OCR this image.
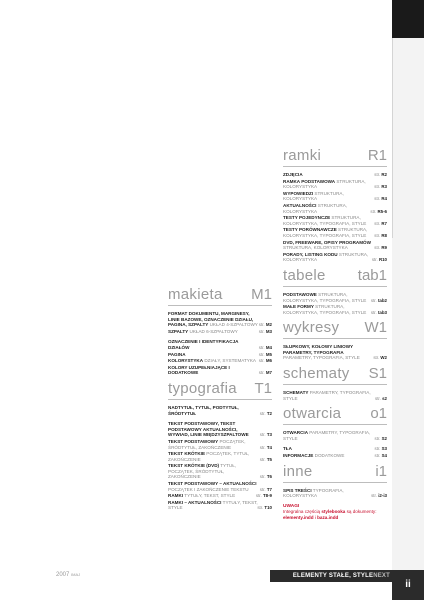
makieta M1
FORMAT DOKUMENTU, MARGINESY, LINIE BAZOWE, OZNACZENIE DZIAŁU, PAGINA, SZPALTY UKŁAD 4-SZPALTOWY str. M2
SZPALTY UKŁAD 6-SZPALTOWY	str. M3
OZNACZENIE I IDENTYFIKACJA DZIAŁÓW	str. M4
PAGINA	str. M5
KOLORYSTYKA DZIAŁY, SYSTEMATYKA str. M6
KOLORY UZUPEŁNIAJĄCE I DODATKOWE	str. M7
typografia T1
NADTYTUŁ, TYTUŁ, PODTYTUŁ, ŚRÓDTYTUŁ	str. T2
TEKST PODSTAWOWY, TEKST PODSTAWOWY AKTUALNOŚCI, WYWIAD, LINIE MIĘDZYSZPALTOWE	str. T3
TEKST PODSTAWOWY POCZĄTEK, ŚRÓDTYTUŁ, ZAKOŃCZENIE	str. T4
TEKST KRÓTKIE POCZĄTEK, TYTUŁ, ZAKOŃCZENIE	str. T5
TEKST KRÓTKIE (DVD) TYTUŁ, POCZĄTEK, ŚRÓDTYTUŁ, ZAKOŃCZENIE	str. T6
TEKST PODSTAWOWY – AKTUALNOŚCI POCZĄTEK I ZAKOŃCZENIE TEKSTU	str. T7
RAMKI TYTUŁY, TEKST, STYLE	str. T8-9
RAMKI – AKTUALNOŚCI TYTUŁY, TEKST, STYLE	str. T10
ramki	R1
ZDJĘCIA	str. R2
RAMKA PODSTAWOWA STRUKTURA, KOLORYSTYKA	str. R3
WYPOWIEDZI STRUKTURA, KOLORYSTYKA	str. R4
AKTUALNOŚCI STRUKTURA, KOLORYSTYKA	str. R5-6
TESTY POJEDYNCZE STRUKTURA, KOLORYSTYKA, TYPOGRAFIA, STYLE str. R7
TESTY PORÓWNAWCZE STRUKTURA, KOLORYSTYKA, TYPOGRAFIA, STYLE str. R8
DVD, FREEWARE, OPISY PROGRAMÓW STRUKTURA, KOLORYSTYKA	str. R9
PORADY, LISTING KODU STRUKTURA, KOLORYSTYKA	str. R10
tabele tab1
PODSTAWOWE STRUKTURA, KOLORYSTYKA, TYPOGRAFIA, STYLE str. tab2
MAŁE FORMY STRUKTURA, KOLORYSTYKA, TYPOGRAFIA, STYLE str. tab3
wykresy W1
SŁUPKOWY, KOŁOWY LINIOWY PARAMETRY, TYPOGRAFIA PARAMETRY, TYPOGRAFIA, STYLE	str. W2
schematy S1
SCHEMATY PARAMETRY, TYPOGRAFIA, STYLE	str. s2
otwarcia o1
OTWARCIA PARAMETRY, TYPOGRAFIA, STYLE	str. S2
TŁA	str. S3
INFORMACJE DODATKOWE	str. S4
inne	i1
SPIS TREŚCI TYPOGRAFIA, KOLORYSTYKA	str. i2-i3
UWAGI
Integralna częścią stylebooka są dokumenty:
elementy.indd i baza.indd
2007 IMAJ	ELEMENTY STAŁE, STYLENEXT
ii
